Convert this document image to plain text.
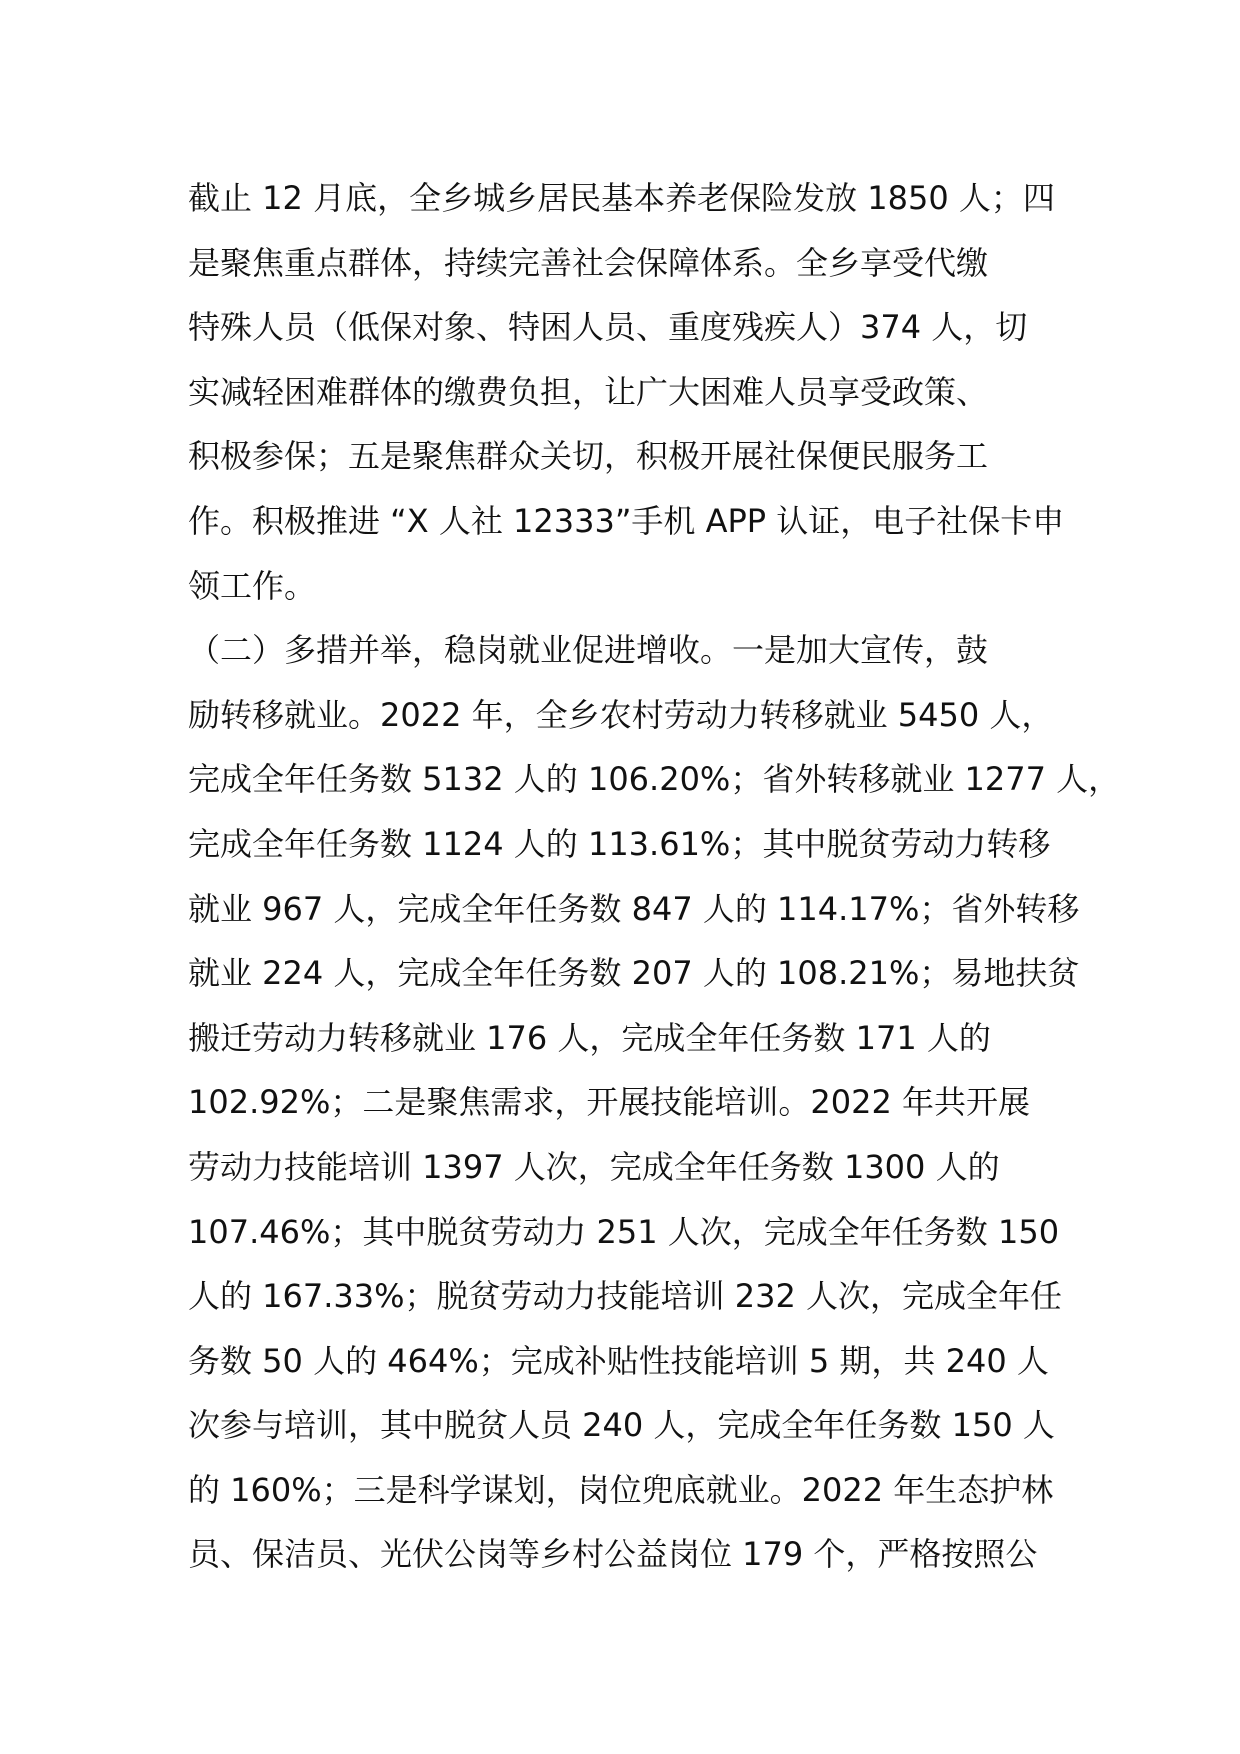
截止 12 月底，全乡城乡居民基本养老保险发放 1850 人；四
是聚焦重点群体，持续完善社会保障体系。全乡享受代缴
特殊人员（低保对象、特困人员、重度残疾人）374 人，切
实减轻困难群体的缴费负担，让广大困难人员享受政策、
积极参保；五是聚焦群众关切，积极开展社保便民服务工
作。积极推进 “X 人社 12333”手机 APP 认证，电子社保卡申
领工作。
（二）多措并举，稳岗就业促进增收。一是加大宣传，鼓
励转移就业。2022 年，全乡农村劳动力转移就业 5450 人，
完成全年任务数 5132 人的 106.20%；省外转移就业 1277 人，
完成全年任务数 1124 人的 113.61%；其中脱贫劳动力转移
就业 967 人，完成全年任务数 847 人的 114.17%；省外转移
就业 224 人，完成全年任务数 207 人的 108.21%；易地扶贫
搬迁劳动力转移就业 176 人，完成全年任务数 171 人的
102.92%；二是聚焦需求，开展技能培训。2022 年共开展
劳动力技能培训 1397 人次，完成全年任务数 1300 人的
107.46%；其中脱贫劳动力 251 人次，完成全年任务数 150
人的 167.33%；脱贫劳动力技能培训 232 人次，完成全年任
务数 50 人的 464%；完成补贴性技能培训 5 期，共 240 人
次参与培训，其中脱贫人员 240 人，完成全年任务数 150 人
的 160%；三是科学谋划，岗位兜底就业。2022 年生态护林
员、保洁员、光伏公岗等乡村公益岗位 179 个，严格按照公
